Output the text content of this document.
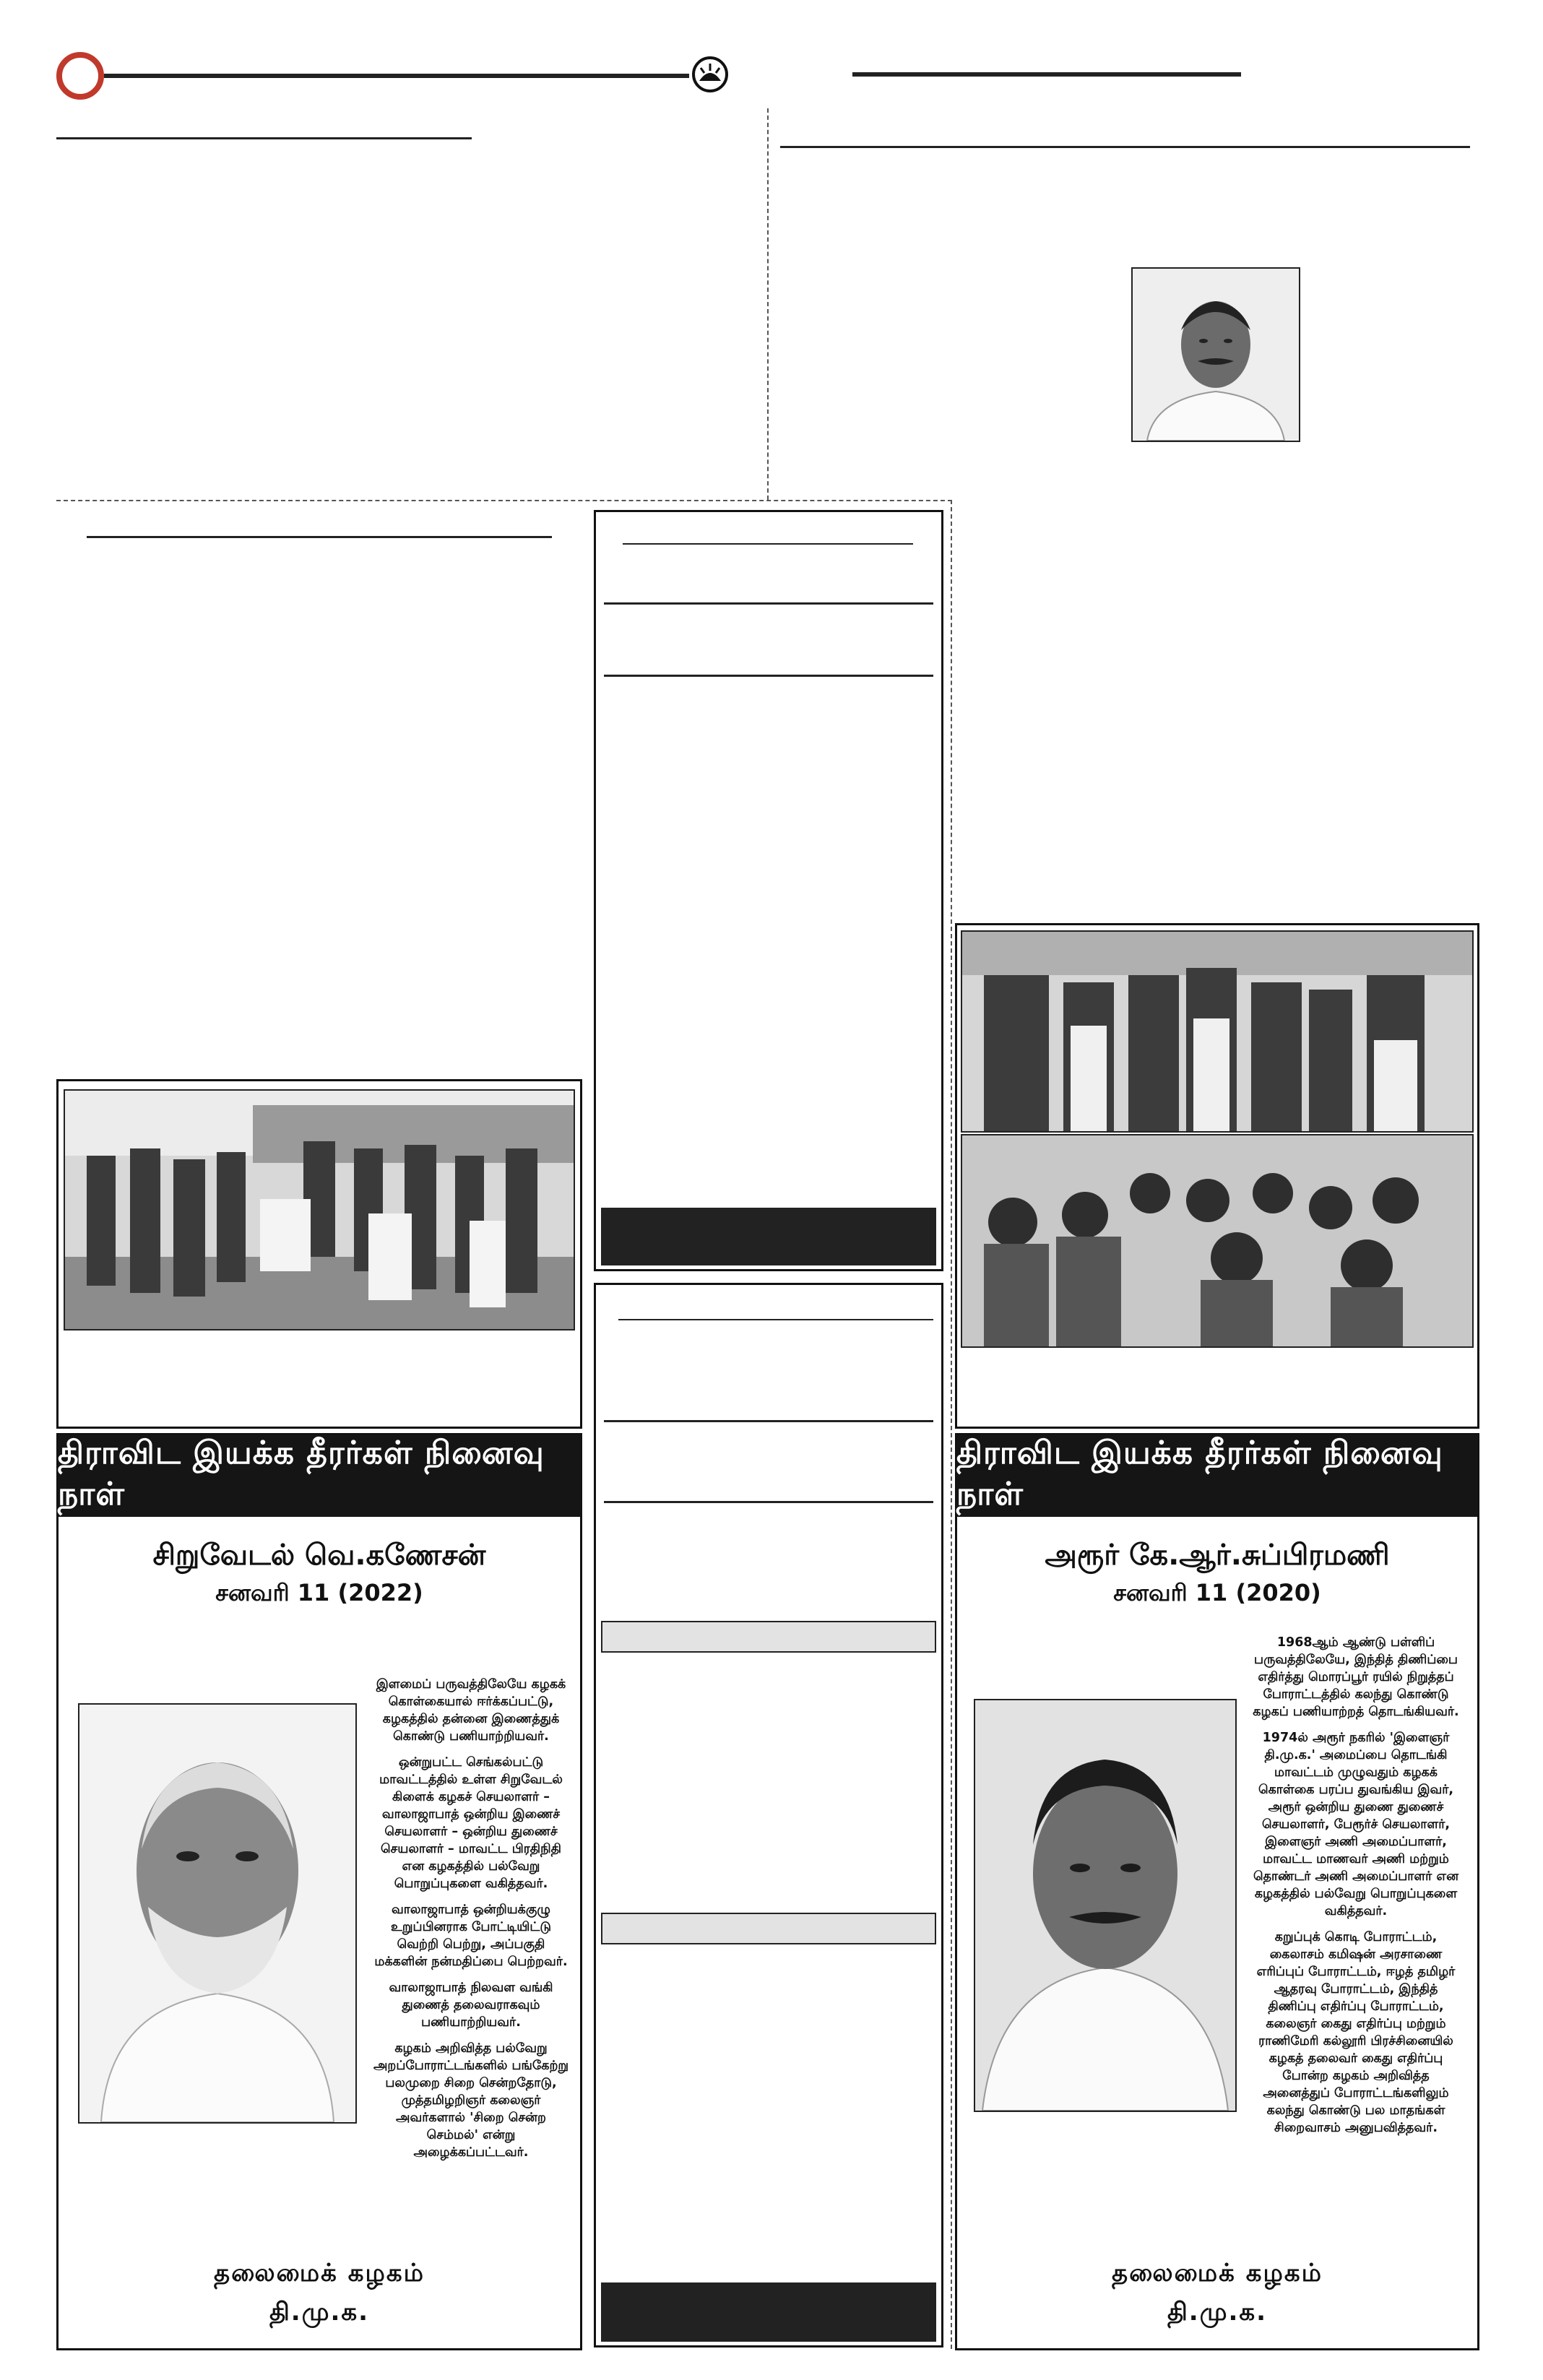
திராவிட இயக்க தீரர்கள் நினைவு நாள்
சிறுவேடல் வெ.கணேசன்
சனவரி 11 (2022)

இளமைப் பருவத்திலேயே கழகக் கொள்கையால் ஈர்க்கப்பட்டு, கழகத்தில் தன்னை இணைத்துக் கொண்டு பணியாற்றியவர்.

ஒன்றுபட்ட செங்கல்பட்டு மாவட்டத்தில் உள்ள சிறுவேடல் கிளைக் கழகச் செயலாளர் – வாலாஜாபாத் ஒன்றிய இணைச் செயலாளர் – ஒன்றிய துணைச் செயலாளர் – மாவட்ட பிரதிநிதி என கழகத்தில் பல்வேறு பொறுப்புகளை வகித்தவர்.

வாலாஜாபாத் ஒன்றியக்குழு உறுப்பினராக போட்டியிட்டு வெற்றி பெற்று, அப்பகுதி மக்களின் நன்மதிப்பை பெற்றவர்.

வாலாஜாபாத் நிலவள வங்கி துணைத் தலைவராகவும் பணியாற்றியவர்.

கழகம் அறிவித்த பல்வேறு அறப்போராட்டங்களில் பங்கேற்று பலமுறை சிறை சென்றதோடு, முத்தமிழறிஞர் கலைஞர் அவர்களால் 'சிறை சென்ற செம்மல்' என்று அழைக்கப்பட்டவர்.

தலைமைக் கழகம்
தி.மு.க.
திராவிட இயக்க தீரர்கள் நினைவு நாள்
அரூர் கே.ஆர்.சுப்பிரமணி
சனவரி 11 (2020)

1968ஆம் ஆண்டு பள்ளிப் பருவத்திலேயே, இந்தித் திணிப்பை எதிர்த்து மொரப்பூர் ரயில் நிறுத்தப் போராட்டத்தில் கலந்து கொண்டு கழகப் பணியாற்றத் தொடங்கியவர்.

1974ல் அரூர் நகரில் 'இளைஞர் தி.மு.க.' அமைப்பை தொடங்கி மாவட்டம் முழுவதும் கழகக் கொள்கை பரப்ப துவங்கிய இவர், அரூர் ஒன்றிய துணை துணைச் செயலாளர், பேரூர்ச் செயலாளர், இளைஞர் அணி அமைப்பாளர், மாவட்ட மாணவர் அணி மற்றும் தொண்டர் அணி அமைப்பாளர் என கழகத்தில் பல்வேறு பொறுப்புகளை வகித்தவர்.

கறுப்புக் கொடி போராட்டம், கைலாசம் கமிஷன் அரசாணை எரிப்புப் போராட்டம், ஈழத் தமிழர் ஆதரவு போராட்டம், இந்தித் திணிப்பு எதிர்ப்பு போராட்டம், கலைஞர் கைது எதிர்ப்பு மற்றும் ராணிமேரி கல்லூரி பிரச்சினையில் கழகத் தலைவர் கைது எதிர்ப்பு போன்ற கழகம் அறிவித்த அனைத்துப் போராட்டங்களிலும் கலந்து கொண்டு பல மாதங்கள் சிறைவாசம் அனுபவித்தவர்.

தலைமைக் கழகம்
தி.மு.க.
